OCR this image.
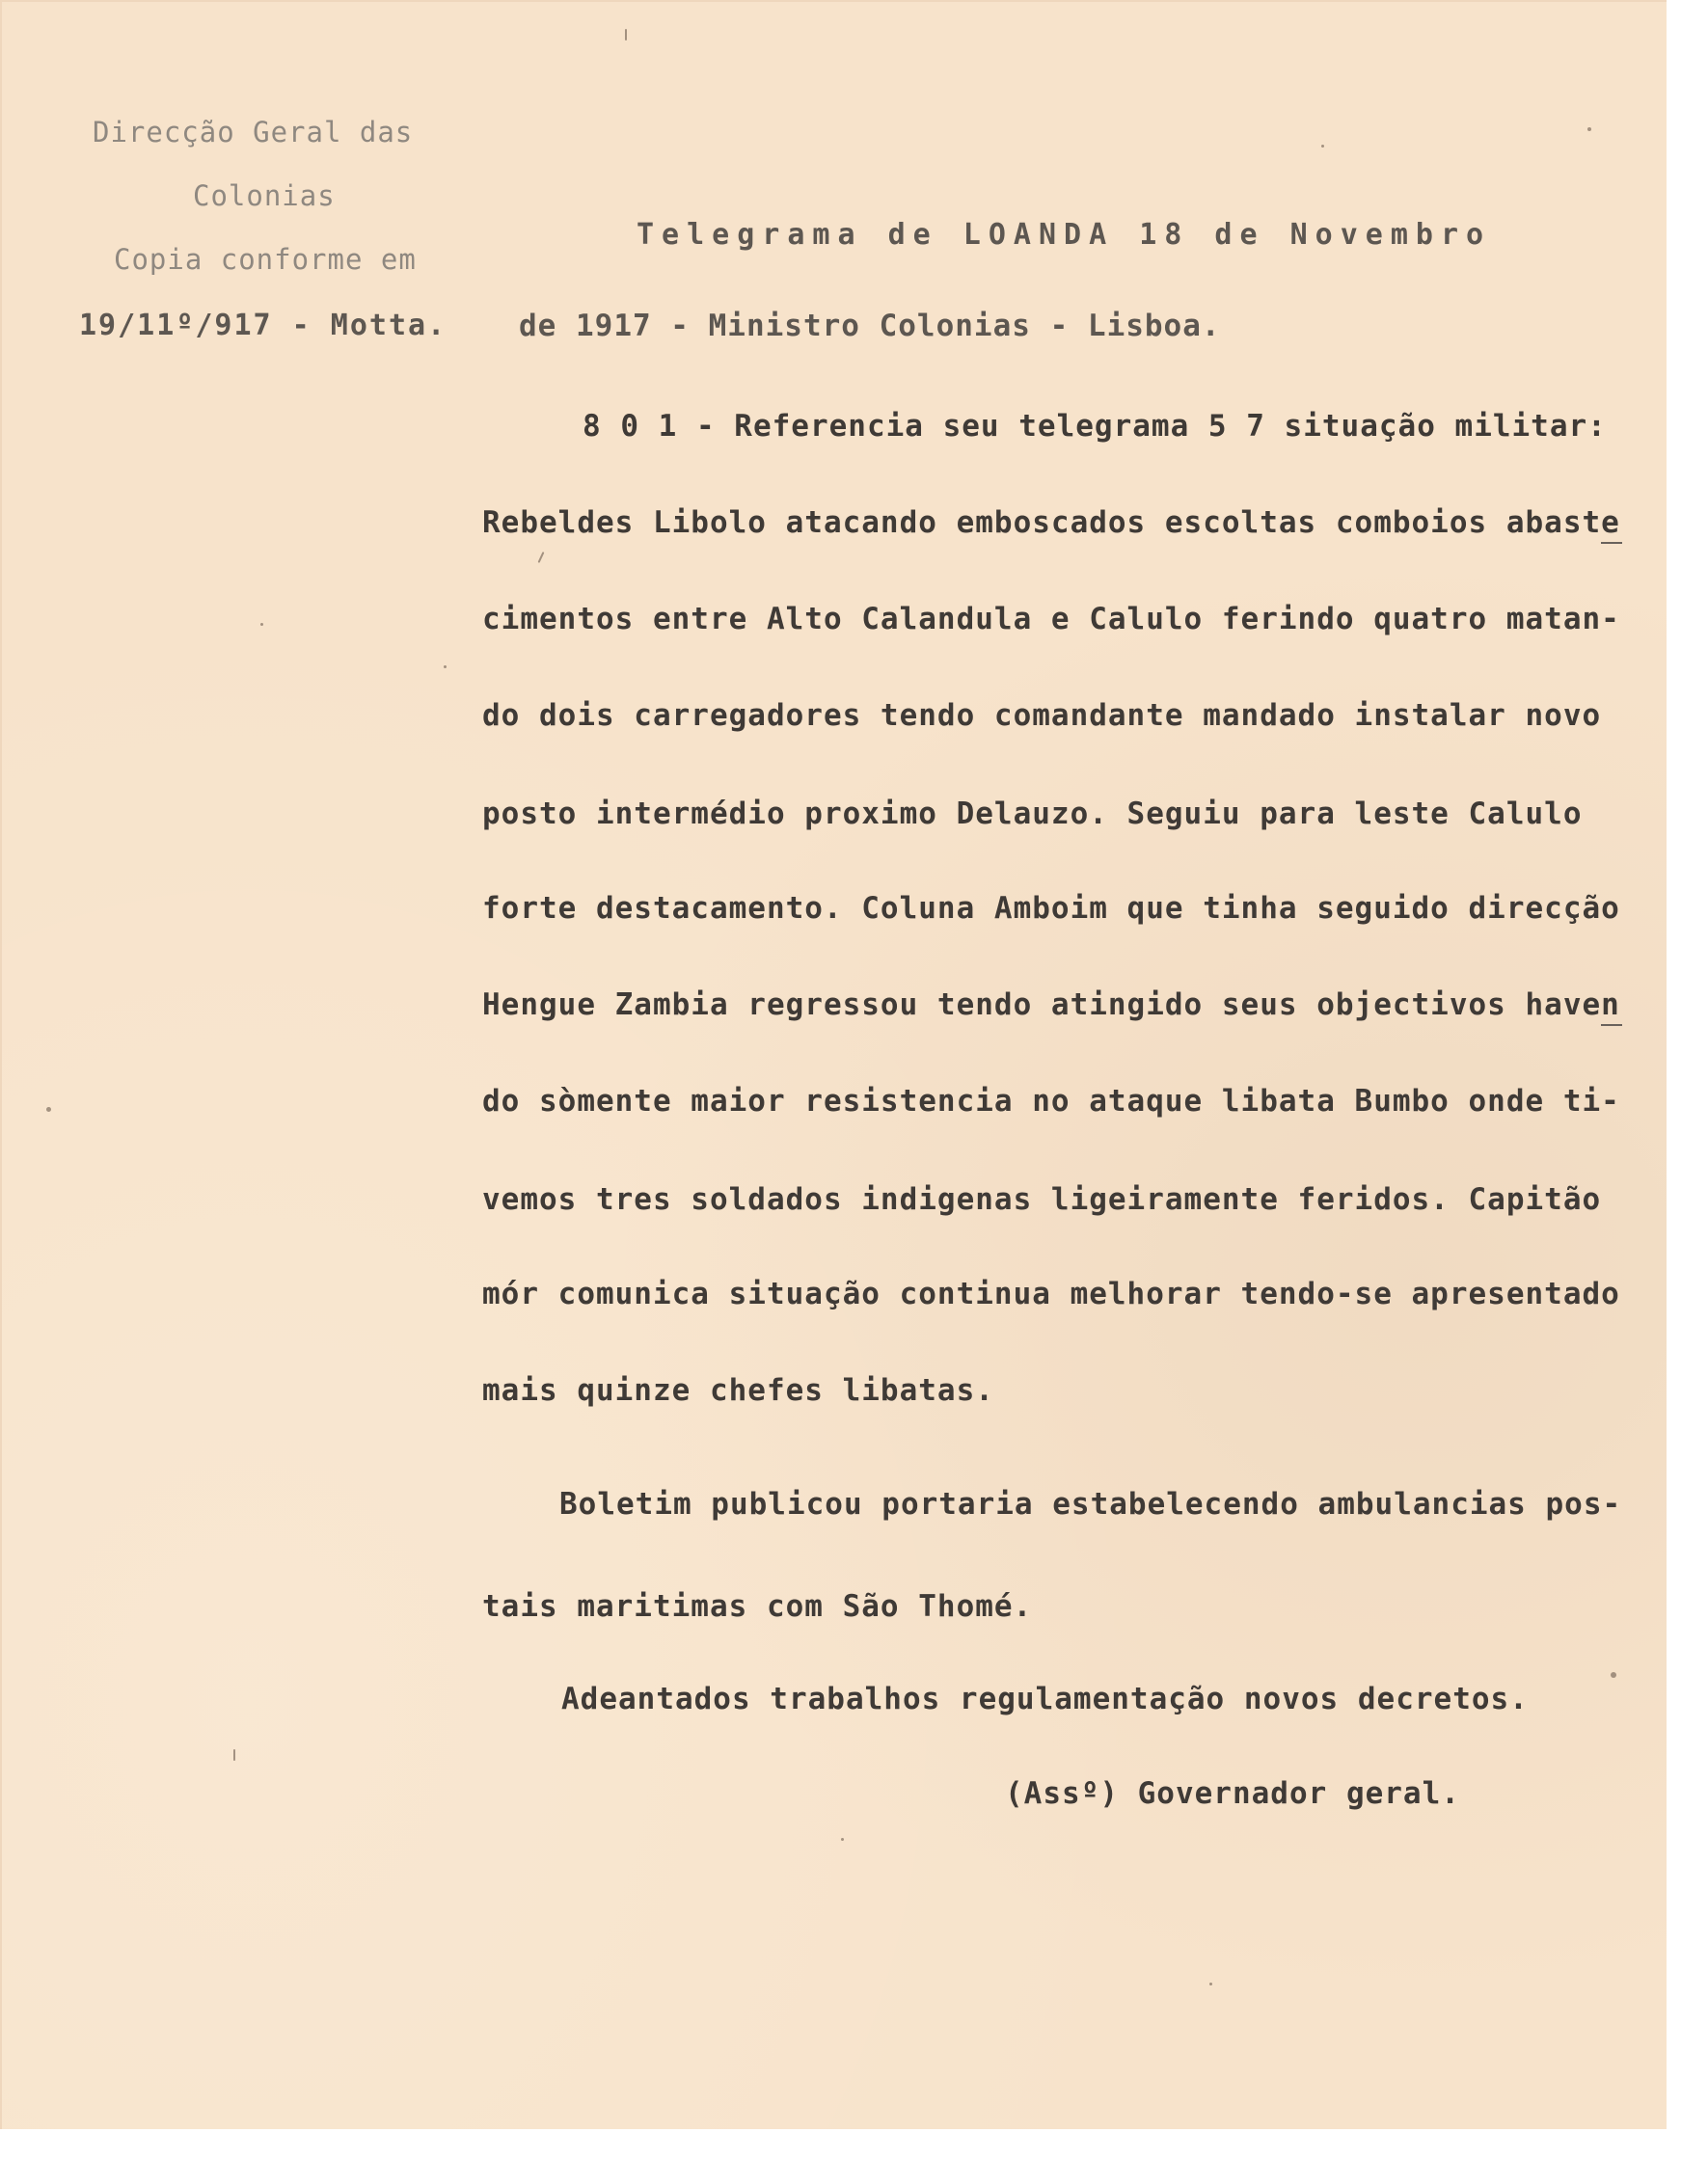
Direcção Geral das
Colonias
Copia conforme em
19/11º/917 - Motta.
Telegrama de LOANDA 18 de Novembro
de 1917 - Ministro Colonias - Lisboa.
8 0 1 - Referencia seu telegrama 5 7 situação militar:
Rebeldes Libolo atacando emboscados escoltas comboios abaste
cimentos entre Alto Calandula e Calulo ferindo quatro matan-
do dois carregadores tendo comandante mandado instalar novo
posto intermédio proximo Delauzo. Seguiu para leste Calulo
forte destacamento. Coluna Amboim que tinha seguido direcção
Hengue Zambia regressou tendo atingido seus objectivos haven
do sòmente maior resistencia no ataque libata Bumbo onde ti-
vemos tres soldados indigenas ligeiramente feridos. Capitão
mór comunica situação continua melhorar tendo-se apresentado
mais quinze chefes libatas.
Boletim publicou portaria estabelecendo ambulancias pos-
tais maritimas com São Thomé.
Adeantados trabalhos regulamentação novos decretos.
(Assº) Governador geral.
